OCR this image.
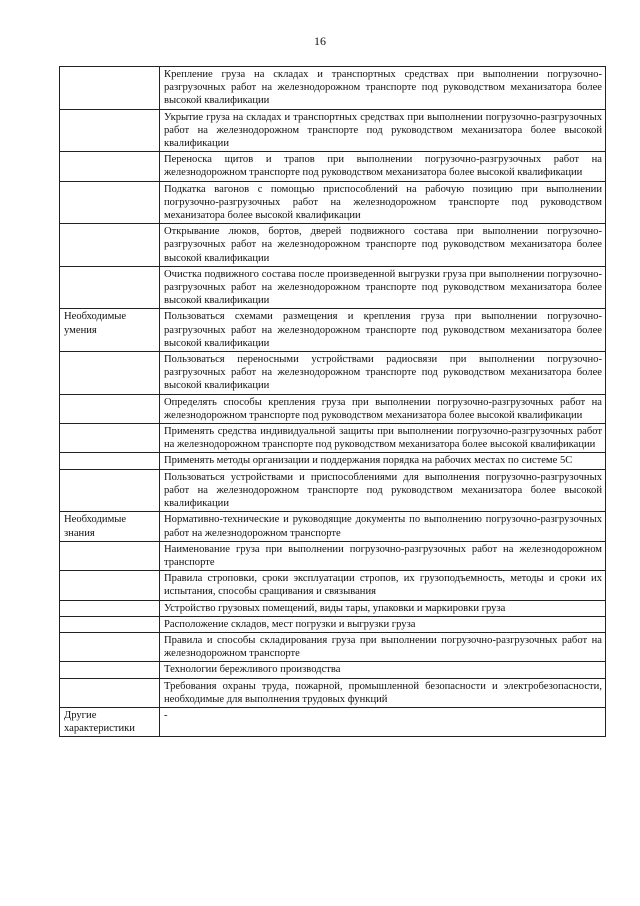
16
	Крепление груза на складах и транспортных средствах при выполнении погрузочно-разгрузочных работ на железнодорожном транспорте под руководством механизатора более высокой квалификации
	Укрытие груза на складах и транспортных средствах при выполнении погрузочно-разгрузочных работ на железнодорожном транспорте под руководством механизатора более высокой квалификации
	Переноска щитов и трапов при выполнении погрузочно-разгрузочных работ на железнодорожном транспорте под руководством механизатора более высокой квалификации
	Подкатка вагонов с помощью приспособлений на рабочую позицию при выполнении погрузочно-разгрузочных работ на железнодорожном транспорте под руководством механизатора более высокой квалификации
	Открывание люков, бортов, дверей подвижного состава при выполнении погрузочно-разгрузочных работ на железнодорожном транспорте под руководством механизатора более высокой квалификации
	Очистка подвижного состава после произведенной выгрузки груза при выполнении погрузочно-разгрузочных работ на железнодорожном транспорте под руководством механизатора более высокой квалификации
Необходимые умения	Пользоваться схемами размещения и крепления груза при выполнении погрузочно-разгрузочных работ на железнодорожном транспорте под руководством механизатора более высокой квалификации
	Пользоваться переносными устройствами радиосвязи при выполнении погрузочно-разгрузочных работ на железнодорожном транспорте под руководством механизатора более высокой квалификации
	Определять способы крепления груза при выполнении погрузочно-разгрузочных работ на железнодорожном транспорте под руководством механизатора более высокой квалификации
	Применять средства индивидуальной защиты при выполнении погрузочно-разгрузочных работ на железнодорожном транспорте под руководством механизатора более высокой квалификации
	Применять методы организации и поддержания порядка на рабочих местах по системе 5С
	Пользоваться устройствами и приспособлениями для выполнения погрузочно-разгрузочных работ на железнодорожном транспорте под руководством механизатора более высокой квалификации
Необходимые знания	Нормативно-технические и руководящие документы по выполнению погрузочно-разгрузочных работ на железнодорожном транспорте
	Наименование груза при выполнении погрузочно-разгрузочных работ на железнодорожном транспорте
	Правила строповки, сроки эксплуатации стропов, их грузоподъемность, методы и сроки их испытания, способы сращивания и связывания
	Устройство грузовых помещений, виды тары, упаковки и маркировки груза
	Расположение складов, мест погрузки и выгрузки груза
	Правила и способы складирования груза при выполнении погрузочно-разгрузочных работ на железнодорожном транспорте
	Технологии бережливого производства
	Требования охраны труда, пожарной, промышленной безопасности и электробезопасности, необходимые для выполнения трудовых функций
Другие характеристики	-
